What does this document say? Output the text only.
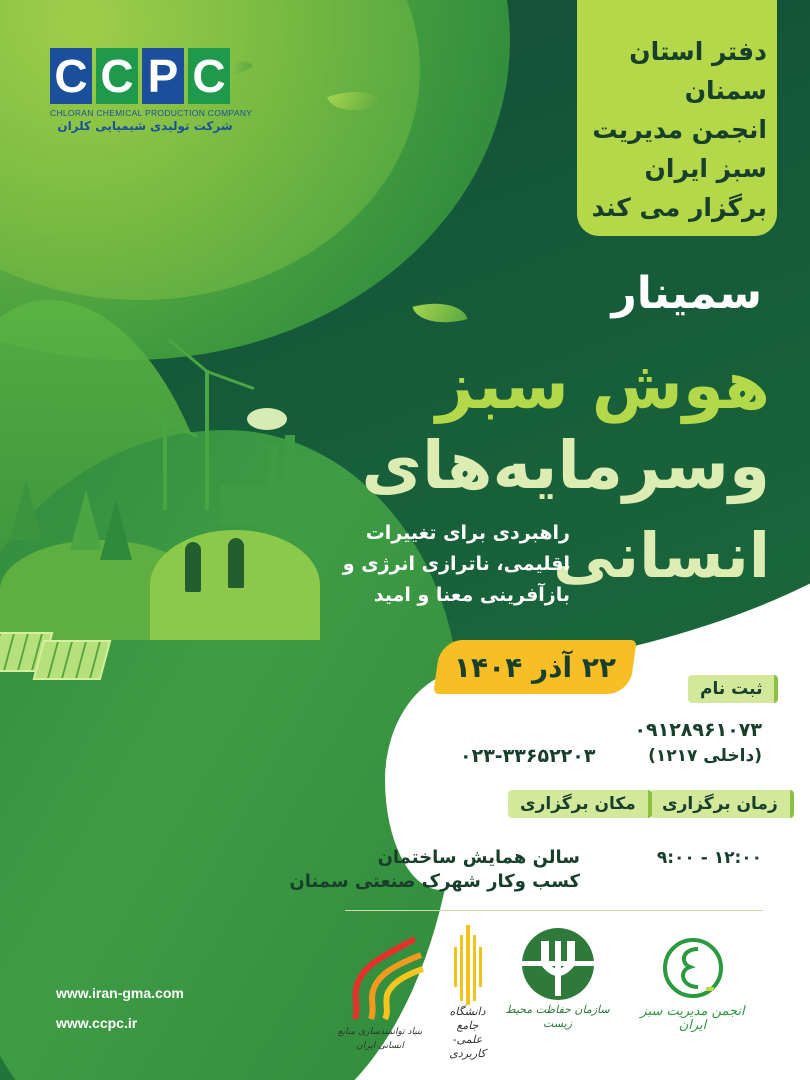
C C P C
CHLORAN CHEMICAL PRODUCTION COMPANY
شرکت تولیدی شیمیایی کلران
دفتر استان
سمنان
انجمن مدیریت
سبز ایران
برگزار می کند
سمینار
هوش سبز
وسرمایه‌های
انسانی
راهبردی برای تغییرات
اقلیمی، ناترازی انرژی و
بازآفرینی معنا و امید
۲۲ آذر ۱۴۰۴
ثبت نام
۰۹۱۲۸۹۶۱۰۷۳
(داخلی ۱۲۱۷)
۰۲۳-۳۳۶۵۲۲۰۳
زمان برگزاری
مکان برگزاری
۹:۰۰ - ۱۲:۰۰
سالن همایش ساختمان
کسب وکار شهرک صنعتی سمنان
انجمن مدیریت سبز ایران
سازمان حفاظت محیط زیست
دانشگاه جامع
علمی-کاربردی
بنیاد توانمندسازی منابع انسانی ایران
www.iran-gma.com
www.ccpc.ir
